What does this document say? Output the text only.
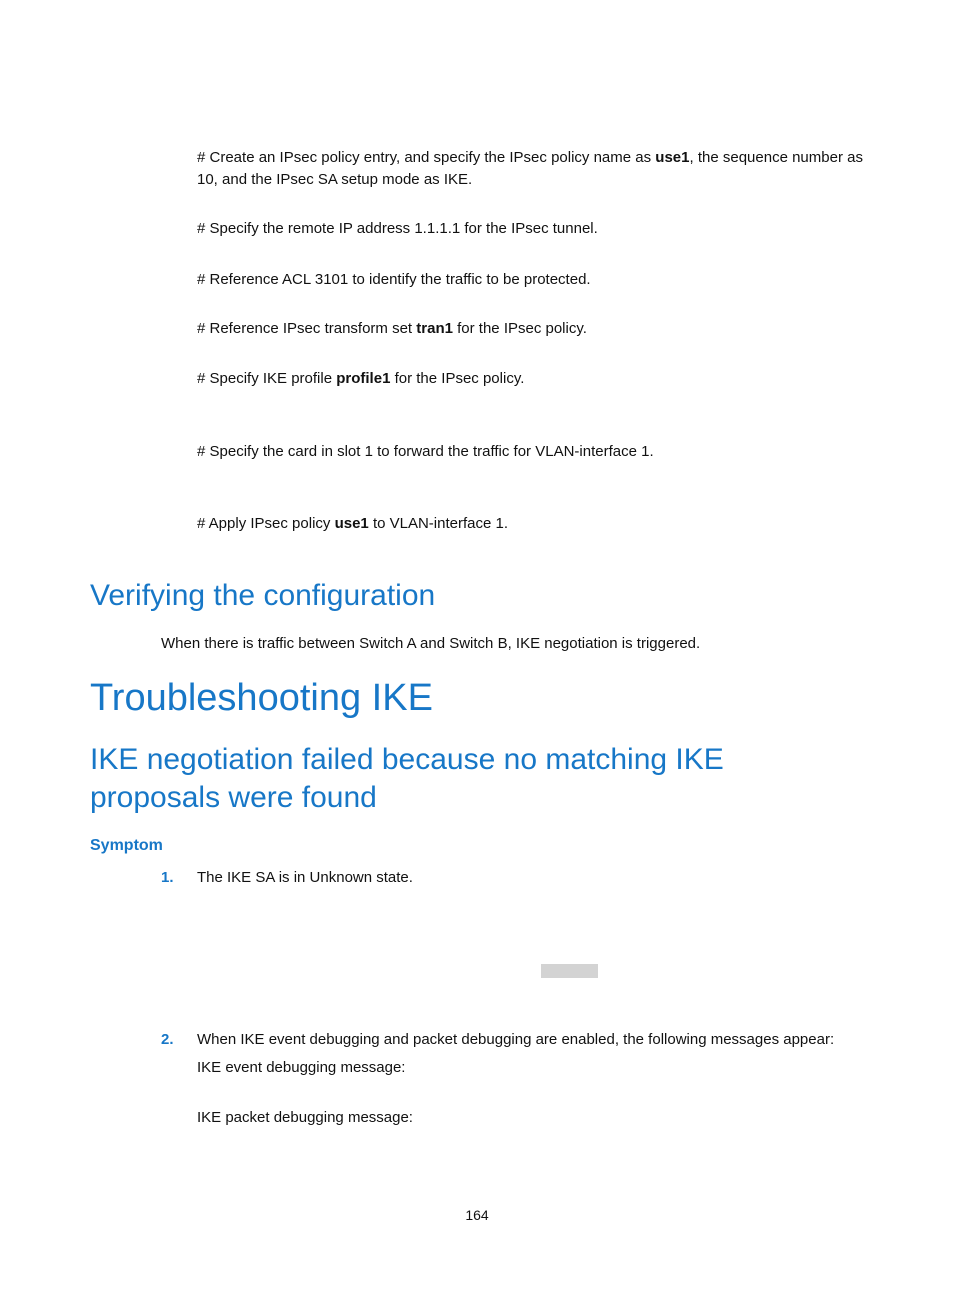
# Create an IPsec policy entry, and specify the IPsec policy name as use1, the sequence number as 10, and the IPsec SA setup mode as IKE.
# Specify the remote IP address 1.1.1.1 for the IPsec tunnel.
# Reference ACL 3101 to identify the traffic to be protected.
# Reference IPsec transform set tran1 for the IPsec policy.
# Specify IKE profile profile1 for the IPsec policy.
# Specify the card in slot 1 to forward the traffic for VLAN-interface 1.
# Apply IPsec policy use1 to VLAN-interface 1.
Verifying the configuration
When there is traffic between Switch A and Switch B, IKE negotiation is triggered.
Troubleshooting IKE
IKE negotiation failed because no matching IKE proposals were found
Symptom
1. The IKE SA is in Unknown state.
2. When IKE event debugging and packet debugging are enabled, the following messages appear:
IKE event debugging message:
IKE packet debugging message:
164
